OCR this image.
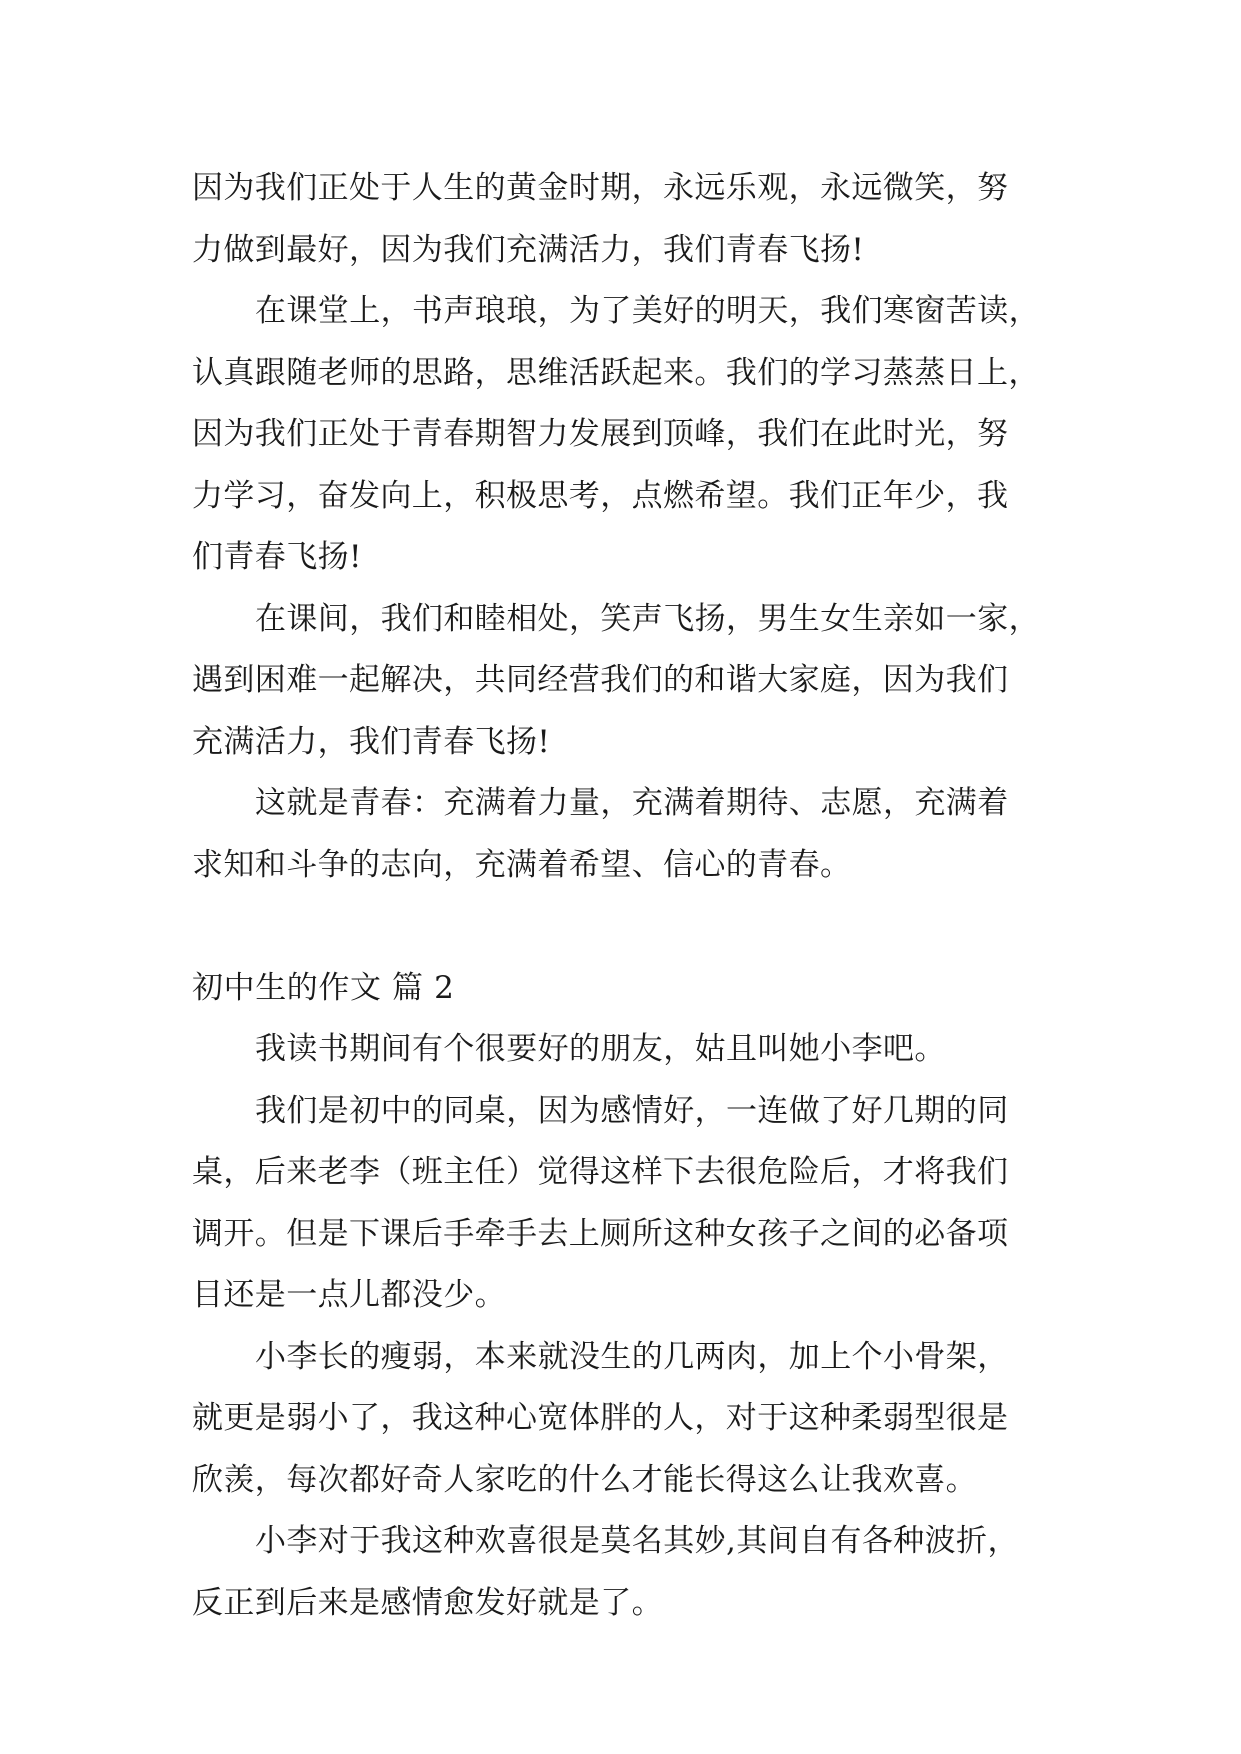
因为我们正处于人生的黄金时期，永远乐观，永远微笑，努
力做到最好，因为我们充满活力，我们青春飞扬!
在课堂上，书声琅琅，为了美好的明天，我们寒窗苦读，
认真跟随老师的思路，思维活跃起来。我们的学习蒸蒸日上，
因为我们正处于青春期智力发展到顶峰，我们在此时光，努
力学习，奋发向上，积极思考，点燃希望。我们正年少，我
们青春飞扬!
在课间，我们和睦相处，笑声飞扬，男生女生亲如一家，
遇到困难一起解决，共同经营我们的和谐大家庭，因为我们
充满活力，我们青春飞扬!
这就是青春：充满着力量，充满着期待、志愿，充满着
求知和斗争的志向，充满着希望、信心的青春。
初中生的作文 篇 2
我读书期间有个很要好的朋友，姑且叫她小李吧。
我们是初中的同桌，因为感情好，一连做了好几期的同
桌，后来老李（班主任）觉得这样下去很危险后，才将我们
调开。但是下课后手牵手去上厕所这种女孩子之间的必备项
目还是一点儿都没少。
小李长的瘦弱，本来就没生的几两肉，加上个小骨架，
就更是弱小了，我这种心宽体胖的人，对于这种柔弱型很是
欣羡，每次都好奇人家吃的什么才能长得这么让我欢喜。
小李对于我这种欢喜很是莫名其妙,其间自有各种波折，
反正到后来是感情愈发好就是了。
